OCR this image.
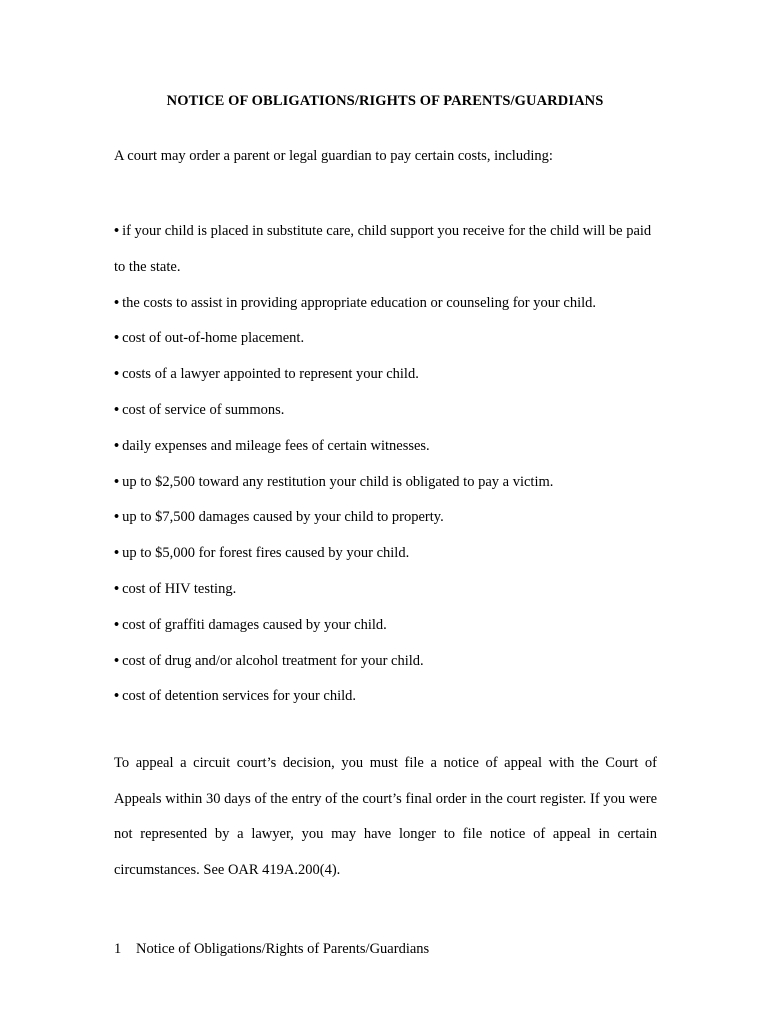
NOTICE OF OBLIGATIONS/RIGHTS OF PARENTS/GUARDIANS
A court may order a parent or legal guardian to pay certain costs, including:
• if your child is placed in substitute care, child support you receive for the child will be paid to the state.
• the costs to assist in providing appropriate education or counseling for your child.
• cost of out-of-home placement.
• costs of a lawyer appointed to represent your child.
• cost of service of summons.
• daily expenses and mileage fees of certain witnesses.
• up to $2,500 toward any restitution your child is obligated to pay a victim.
• up to $7,500 damages caused by your child to property.
• up to $5,000 for forest fires caused by your child.
• cost of HIV testing.
• cost of graffiti damages caused by your child.
• cost of drug and/or alcohol treatment for your child.
• cost of detention services for your child.

To appeal a circuit court’s decision, you must file a notice of appeal with the Court of Appeals within 30 days of the entry of the court’s final order in the court register. If you were not represented by a lawyer, you may have longer to file notice of appeal in certain circumstances. See OAR 419A.200(4).

1 Notice of Obligations/Rights of Parents/Guardians
